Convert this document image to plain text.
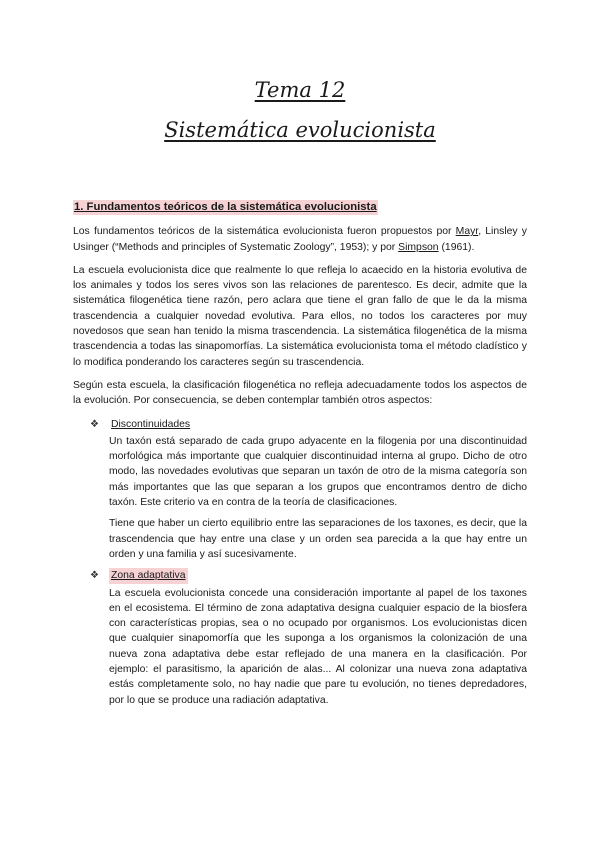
Tema 12
Sistemática evolucionista
1. Fundamentos teóricos de la sistemática evolucionista

Los fundamentos teóricos de la sistemática evolucionista fueron propuestos por Mayr, Linsley y Usinger (“Methods and principles of Systematic Zoology”, 1953); y por Simpson (1961).

La escuela evolucionista dice que realmente lo que refleja lo acaecido en la historia evolutiva de los animales y todos los seres vivos son las relaciones de parentesco. Es decir, admite que la sistemática filogenética tiene razón, pero aclara que tiene el gran fallo de que le da la misma trascendencia a cualquier novedad evolutiva. Para ellos, no todos los caracteres por muy novedosos que sean han tenido la misma trascendencia. La sistemática filogenética de la misma trascendencia a todas las sinapomorfías. La sistemática evolucionista toma el método cladístico y lo modifica ponderando los caracteres según su trascendencia.

Según esta escuela, la clasificación filogenética no refleja adecuadamente todos los aspectos de la evolución. Por consecuencia, se deben contemplar también otros aspectos:

❖ Discontinuidades

Un taxón está separado de cada grupo adyacente en la filogenia por una discontinuidad morfológica más importante que cualquier discontinuidad interna al grupo. Dicho de otro modo, las novedades evolutivas que separan un taxón de otro de la misma categoría son más importantes que las que separan a los grupos que encontramos dentro de dicho taxón. Este criterio va en contra de la teoría de clasificaciones.

Tiene que haber un cierto equilibrio entre las separaciones de los taxones, es decir, que la trascendencia que hay entre una clase y un orden sea parecida a la que hay entre un orden y una familia y así sucesivamente.

❖ Zona adaptativa

La escuela evolucionista concede una consideración importante al papel de los taxones en el ecosistema. El término de zona adaptativa designa cualquier espacio de la biosfera con características propias, sea o no ocupado por organismos. Los evolucionistas dicen que cualquier sinapomorfía que les suponga a los organismos la colonización de una nueva zona adaptativa debe estar reflejado de una manera en la clasificación. Por ejemplo: el parasitismo, la aparición de alas... Al colonizar una nueva zona adaptativa estás completamente solo, no hay nadie que pare tu evolución, no tienes depredadores, por lo que se produce una radiación adaptativa.
